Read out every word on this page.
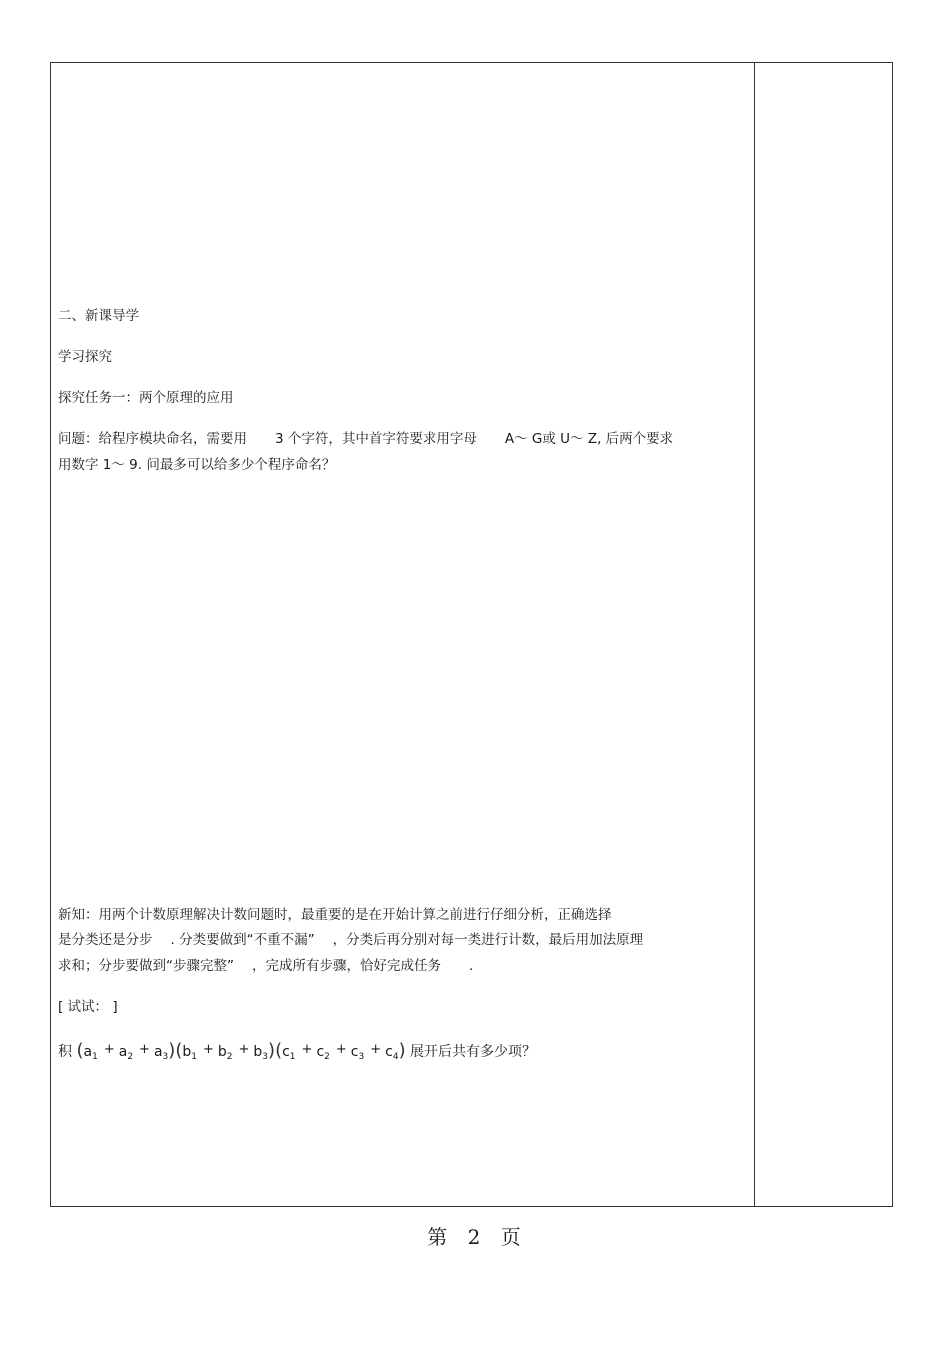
二、新课导学
学习探究
探究任务一：两个原理的应用
问题：给程序模块命名，需要用 3 个字符，其中首字符要求用字母 A～ G或 U～ Z, 后两个要求
用数字 1～ 9. 问最多可以给多少个程序命名？
新知：用两个计数原理解决计数问题时，最重要的是在开始计算之前进行仔细分析，正确选择
是分类还是分步 . 分类要做到“不重不漏” ，分类后再分别对每一类进行计数，最后用加法原理
求和；分步要做到“步骤完整” ，完成所有步骤，恰好完成任务 .
[ 试试： ]
积 $(a_1 + a_2 + a_3)(b_1 + b_2 + b_3)(c_1 + c_2 + c_3 + c_4)$ 展开后共有多少项？
第 2 页
